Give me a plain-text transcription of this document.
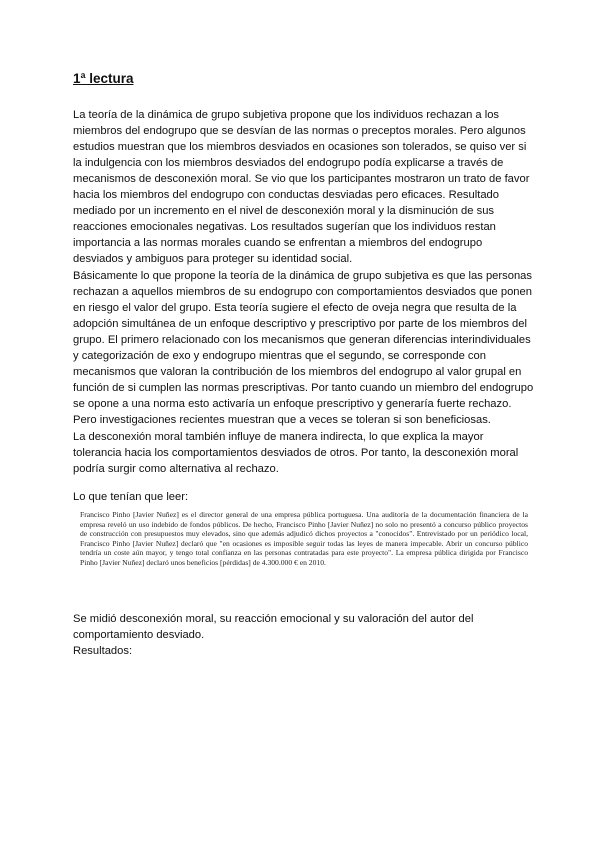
1ª lectura

La teoría de la dinámica de grupo subjetiva propone que los individuos rechazan a los miembros del endogrupo que se desvían de las normas o preceptos morales. Pero algunos estudios muestran que los miembros desviados en ocasiones son tolerados, se quiso ver si la indulgencia con los miembros desviados del endogrupo podía explicarse a través de mecanismos de desconexión moral. Se vio que los participantes mostraron un trato de favor hacia los miembros del endogrupo con conductas desviadas pero eficaces. Resultado mediado por un incremento en el nivel de desconexión moral y la disminución de sus reacciones emocionales negativas. Los resultados sugerían que los individuos restan importancia a las normas morales cuando se enfrentan a miembros del endogrupo desviados y ambiguos para proteger su identidad social.

Básicamente lo que propone la teoría de la dinámica de grupo subjetiva es que las personas rechazan a aquellos miembros de su endogrupo con comportamientos desviados que ponen en riesgo el valor del grupo. Esta teoría sugiere el efecto de oveja negra que resulta de la adopción simultánea de un enfoque descriptivo y prescriptivo por parte de los miembros del grupo. El primero relacionado con los mecanismos que generan diferencias interindividuales y categorización de exo y endogrupo mientras que el segundo, se corresponde con mecanismos que valoran la contribución de los miembros del endogrupo al valor grupal en función de si cumplen las normas prescriptivas. Por tanto cuando un miembro del endogrupo se opone a una norma esto activaría un enfoque prescriptivo y generaría fuerte rechazo. Pero investigaciones recientes muestran que a veces se toleran si son beneficiosas.

La desconexión moral también influye de manera indirecta, lo que explica la mayor tolerancia hacia los comportamientos desviados de otros. Por tanto, la desconexión moral podría surgir como alternativa al rechazo.

Lo que tenían que leer:

Francisco Pinho [Javier Nuñez] es el director general de una empresa pública portuguesa. Una auditoría de la documentación financiera de la empresa reveló un uso indebido de fondos públicos. De hecho, Francisco Pinho [Javier Nuñez] no solo no presentó a concurso público proyectos de construcción con presupuestos muy elevados, sino que además adjudicó dichos proyectos a "conocidos". Entrevistado por un periódico local, Francisco Pinho [Javier Nuñez] declaró que "en ocasiones es imposible seguir todas las leyes de manera impecable. Abrir un concurso público tendría un coste aún mayor, y tengo total confianza en las personas contratadas para este proyecto". La empresa pública dirigida por Francisco Pinho [Javier Nuñez] declaró unos beneficios [pérdidas] de 4.300.000 € en 2010.

Se midió desconexión moral, su reacción emocional y su valoración del autor del comportamiento desviado.

Resultados:
